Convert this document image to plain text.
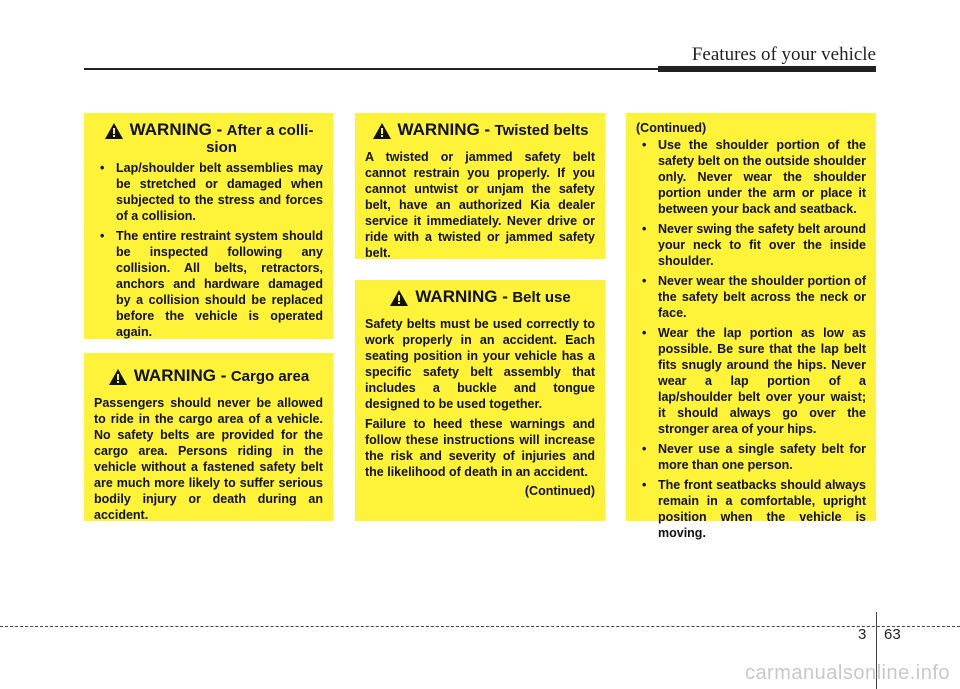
Features of your vehicle
WARNING - After a colli-
sion
• Lap/shoulder belt assemblies may be stretched or damaged when subjected to the stress and forces of a collision.
• The entire restraint system should be inspected following any collision. All belts, retractors, anchors and hardware damaged by a collision should be replaced before the vehicle is operated again.
WARNING - Cargo area
Passengers should never be allowed to ride in the cargo area of a vehicle. No safety belts are provided for the cargo area. Persons riding in the vehicle without a fastened safety belt are much more likely to suffer serious bodily injury or death during an accident.
WARNING - Twisted belts
A twisted or jammed safety belt cannot restrain you properly. If you cannot untwist or unjam the safety belt, have an authorized Kia dealer service it immediately. Never drive or ride with a twisted or jammed safety belt.
WARNING - Belt use

Safety belts must be used correctly to work properly in an accident. Each seating position in your vehicle has a specific safety belt assembly that includes a buckle and tongue designed to be used together.

Failure to heed these warnings and follow these instructions will increase the risk and severity of injuries and the likelihood of death in an accident.

(Continued)
(Continued)
• Use the shoulder portion of the safety belt on the outside shoulder only. Never wear the shoulder portion under the arm or place it between your back and seatback.
• Never swing the safety belt around your neck to fit over the inside shoulder.
• Never wear the shoulder portion of the safety belt across the neck or face.
• Wear the lap portion as low as possible. Be sure that the lap belt fits snugly around the hips. Never wear a lap portion of a lap/shoulder belt over your waist; it should always go over the stronger area of your hips.
• Never use a single safety belt for more than one person.
• The front seatbacks should always remain in a comfortable, upright position when the vehicle is moving.
3 63
carmanualsonline.info
